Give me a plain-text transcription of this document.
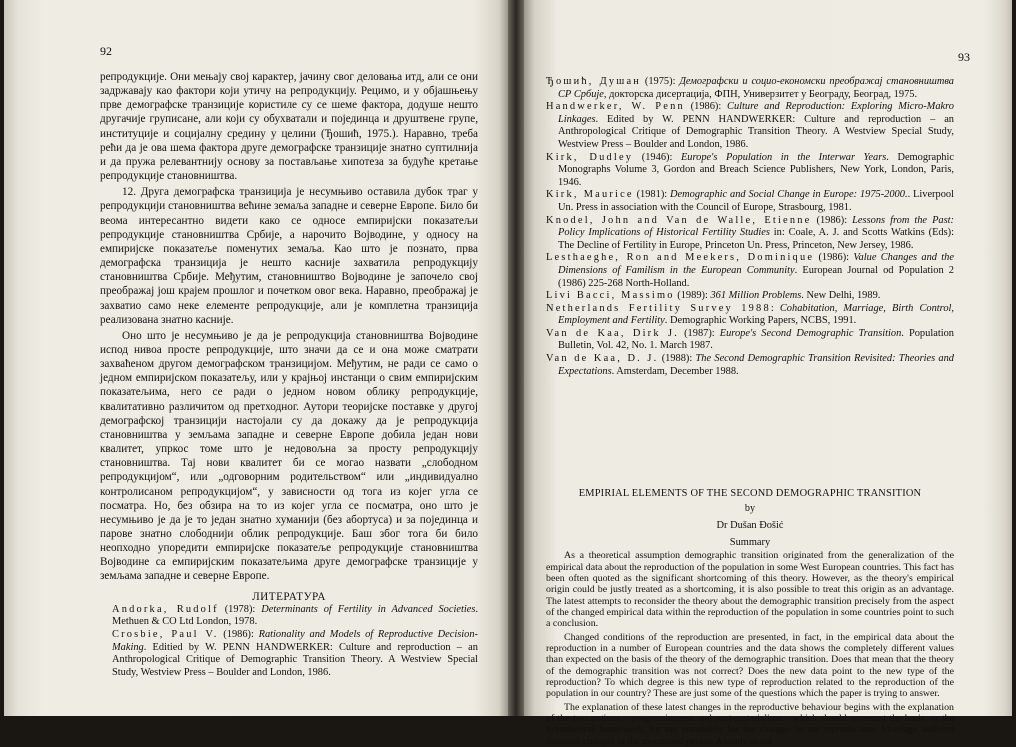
92

репродукције. Они мењају свој карактер, јачину свог деловања итд, али се они задржавају као фактори који утичу на репродукцију. Рецимо, и у објашњењу прве демографске транзиције користиле су се шеме фактора, додуше нешто другачије груписане, али који су обухватали и појединца и друштвене групе, институције и социјалну средину у целини (Ђошић, 1975.). Наравно, треба рећи да је ова шема фактора друге демографске транзиције знатно суптилнија и да пружа релевантнију основу за постављање хипотеза за будуће кретање репродукције становништва.

12. Друга демографска транзиција је несумњиво оставила дубок траг у репродукцији становништва већине земаља западне и северне Европе. Било би веома интересантно видети како се односе емпиријски показатељи репродукције становништва Србије, а нарочито Војводине, у односу на емпиријске показатеље поменутих земаља. Као што је познато, прва демографска транзиција је нешто касније захватила репродукцију становништва Србије. Међутим, становништво Војводине је започело свој преображај још крајем прошлог и почетком овог века. Наравно, преображај је захватио само неке елементе репродукције, али је комплетна транзиција реализована знатно касније.

Оно што је несумњиво је да је репродукција становништва Војводине испод нивоа просте репродукције, што значи да се и она може сматрати захваћеном другом демографском транзицијом. Међутим, не ради се само о једном емпиријском показатељу, или у крајњој инстанци о свим емпиријским показатељима, него се ради о једном новом облику репродукције, квалитативно различитом од претходног. Аутори теоријске поставке у другој демографској транзицији настојали су да докажу да је репродукција становништва у земљама западне и северне Европе добила један нови квалитет, упркос томе што је недовољна за просту репродукцију становништва. Тај нови квалитет би се могао назвати „слободном репродукцијом“, или „одговорним родительством“ или „индивидуално контролисаном репродукцијом“, у зависности од тога из којег угла се посматра. Но, без обзира на то из којег угла се посматра, оно што је несумњиво је да је то један знатно хуманији (без абортуса) и за појединца и парове знатно слободнији облик репродукције. Баш због тога би било неопходно упоредити емпиријске показатеље репродукције становништва Војводине са емпиријским показатељима друге демографске транзиције у земљама западне и северне Европе.

ЛИТЕРАТУРА

Andorka, Rudolf (1978): Determinants of Fertility in Advanced Societies. Methuen & CO Ltd London, 1978.

Crosbie, Paul V. (1986): Rationality and Models of Reproductive Decision-Making. Editied by W. PENN HANDWERKER: Culture and reproduction – an Anthropological Critique of Demographic Transition Theory. A Westview Special Study, Westview Press – Boulder and London, 1986.

93

Ђошић, Душан (1975): Демографски и социо-економски преображај становништва СР Србије, докторска дисертација, ФПН, Универзитет у Београду, Београд, 1975.

Handwerker, W. Penn (1986): Culture and Reproduction: Exploring Micro-Makro Linkages. Edited by W. PENN HANDWERKER: Culture and reproduction – an Anthropological Critique of Demographic Transition Theory. A Westview Special Study, Westview Press – Boulder and London, 1986.

Kirk, Dudley (1946): Europe's Population in the Interwar Years. Demographic Monographs Volume 3, Gordon and Breach Science Publishers, New York, London, Paris, 1946.

Kirk, Maurice (1981): Demographic and Social Change in Europe: 1975-2000.. Liverpool Un. Press in association with the Council of Europe, Strasbourg, 1981.

Knodel, John and Van de Walle, Etienne (1986): Lessons from the Past: Policy Implications of Historical Fertility Studies in: Coale, A. J. and Scotts Watkins (Eds): The Decline of Fertility in Europe, Princeton Un. Press, Princeton, New Jersey, 1986.

Lesthaeghe, Ron and Meekers, Dominique (1986): Value Changes and the Dimensions of Familism in the European Community. European Journal od Population 2 (1986) 225-268 North-Holland.

Livi Bacci, Massimo (1989): 361 Million Problems. New Delhi, 1989.

Netherlands Fertility Survey 1988: Cohabitation, Marriage, Birth Control, Employment and Fertility. Demographic Working Papers, NCBS, 1991.

Van de Kaa, Dirk J. (1987): Europe's Second Demographic Transition. Population Bulletin, Vol. 42, No. 1. March 1987.

Van de Kaa, D. J. (1988): The Second Demographic Transition Revisited: Theories and Expectations. Amsterdam, December 1988.

EMPIRIAL ELEMENTS OF THE SECOND DEMOGRAPHIC TRANSITION

by

Dr Dušan Đošić

Summary

As a theoretical assumption demographic transition originated from the generalization of the empirical data about the reproduction of the population in some West European countries. This fact has been often quoted as the significant shortcoming of this theory. However, as the theory's empirical origin could be justly treated as a shortcoming, it is also possible to treat this origin as an advantage. The latest attempts to reconsider the theory about the demographic transition precisely from the aspect of the changed empirical data within the reproduction of the population in some countries point to such a conclusion.

Changed conditions of the reproduction are presented, in fact, in the empirical data about the reproduction in a number of European countries and the data shows the completely different values than expected on the basis of the theory of the demographic transition. Does that mean that the theory of the demographic transition was not correct? Does the new data point to the new type of the reproduction? To which degree is this new type of reproduction related to the reproduction of the population in our country? These are just some of the questions which the paper is trying to answer.

The explanation of these latest changes in the reproductive behaviour begins with the explanation of the two notions – progressiveness and post-materialism – which should represent the basis, or the hypothetical framework, for the possibility for the changes in the reproduction. Marriage suffered dramatic changes in the mentioned period. Already about
